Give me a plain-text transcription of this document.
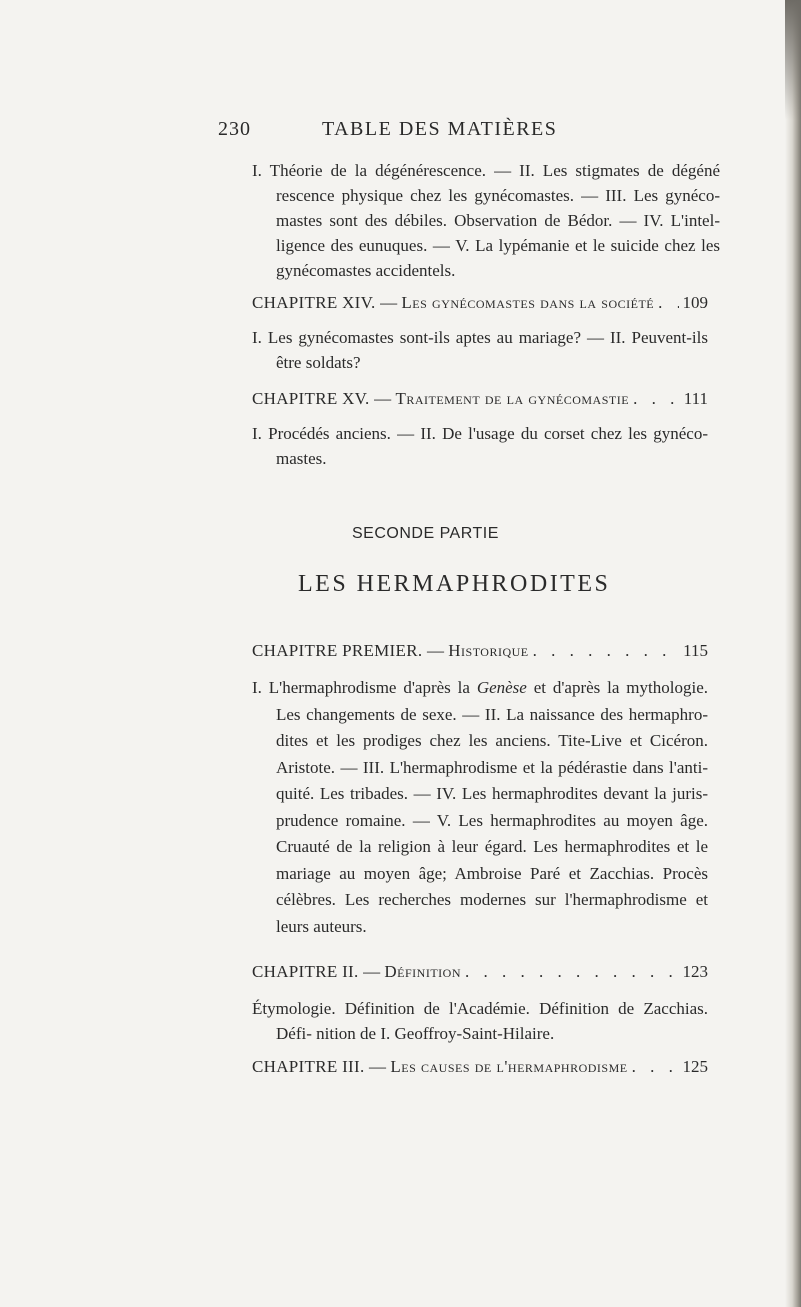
230	TABLE DES MATIÈRES
I. Théorie de la dégénérescence. — II. Les stigmates de dégéné rescence physique chez les gynécomastes. — III. Les gynéco- mastes sont des débiles. Observation de Bédor. — IV. L'intel- ligence des eunuques. — V. La lypémanie et le suicide chez les gynécomastes accidentels.
CHAPITRE XIV. — Les gynécomastes dans la société . . . 109
I. Les gynécomastes sont-ils aptes au mariage? — II. Peuvent-ils être soldats?
CHAPITRE XV. — Traitement de la gynécomastie . . .	111
I. Procédés anciens. — II. De l'usage du corset chez les gynéco- mastes.
SECONDE PARTIE
LES HERMAPHRODITES
CHAPITRE PREMIER. — Historique . . .	115
I. L'hermaphrodisme d'après la Genèse et d'après la mythologie. Les changements de sexe. — II. La naissance des hermaphro- dites et les prodiges chez les anciens. Tite-Live et Cicéron. Aristote. — III. L'hermaphrodisme et la pédérastie dans l'anti- quité. Les tribades. — IV. Les hermaphrodites devant la juris- prudence romaine. — V. Les hermaphrodites au moyen âge. Cruauté de la religion à leur égard. Les hermaphrodites et le mariage au moyen âge; Ambroise Paré et Zacchias. Procès célèbres. Les recherches modernes sur l'hermaphrodisme et leurs auteurs.
CHAPITRE II. — Définition . . .	123
Étymologie. Définition de l'Académie. Définition de Zacchias. Défi- nition de I. Geoffroy-Saint-Hilaire.
CHAPITRE III. — Les causes de l'hermaphrodisme . . .	125
